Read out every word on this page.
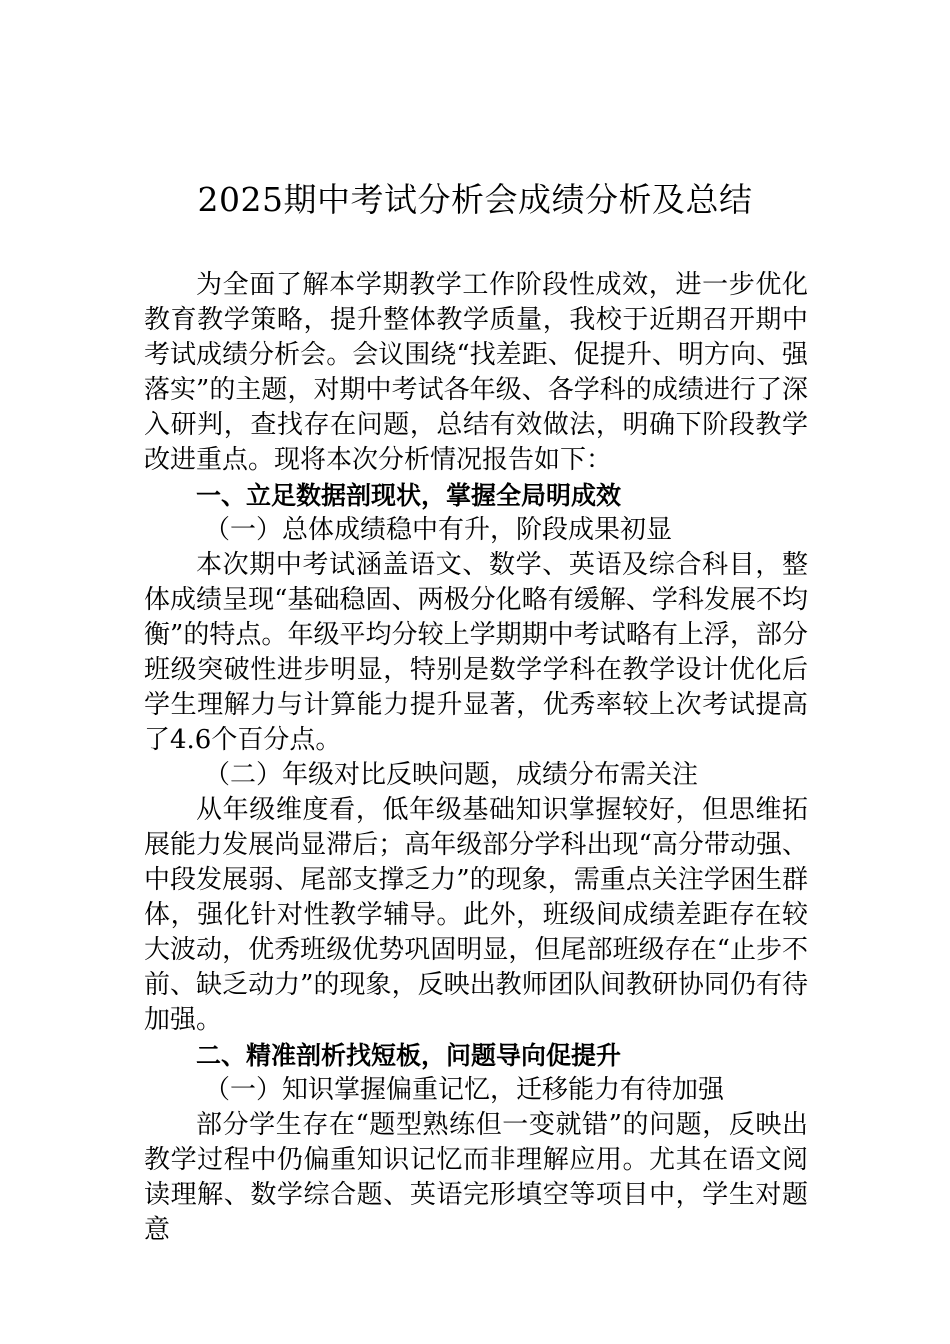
2025期中考试分析会成绩分析及总结

为全面了解本学期教学工作阶段性成效，进一步优化教育教学策略，提升整体教学质量，我校于近期召开期中考试成绩分析会。会议围绕“找差距、促提升、明方向、强落实”的主题，对期中考试各年级、各学科的成绩进行了深入研判，查找存在问题，总结有效做法，明确下阶段教学改进重点。现将本次分析情况报告如下：

一、立足数据剖现状，掌握全局明成效

（一）总体成绩稳中有升，阶段成果初显

本次期中考试涵盖语文、数学、英语及综合科目，整体成绩呈现“基础稳固、两极分化略有缓解、学科发展不均衡”的特点。年级平均分较上学期期中考试略有上浮，部分班级突破性进步明显，特别是数学学科在教学设计优化后学生理解力与计算能力提升显著，优秀率较上次考试提高了4.6个百分点。

（二）年级对比反映问题，成绩分布需关注

从年级维度看，低年级基础知识掌握较好，但思维拓展能力发展尚显滞后；高年级部分学科出现“高分带动强、中段发展弱、尾部支撑乏力”的现象，需重点关注学困生群体，强化针对性教学辅导。此外，班级间成绩差距存在较大波动，优秀班级优势巩固明显，但尾部班级存在“止步不前、缺乏动力”的现象，反映出教师团队间教研协同仍有待加强。

二、精准剖析找短板，问题导向促提升

（一）知识掌握偏重记忆，迁移能力有待加强

部分学生存在“题型熟练但一变就错”的问题，反映出教学过程中仍偏重知识记忆而非理解应用。尤其在语文阅读理解、数学综合题、英语完形填空等项目中，学生对题意
